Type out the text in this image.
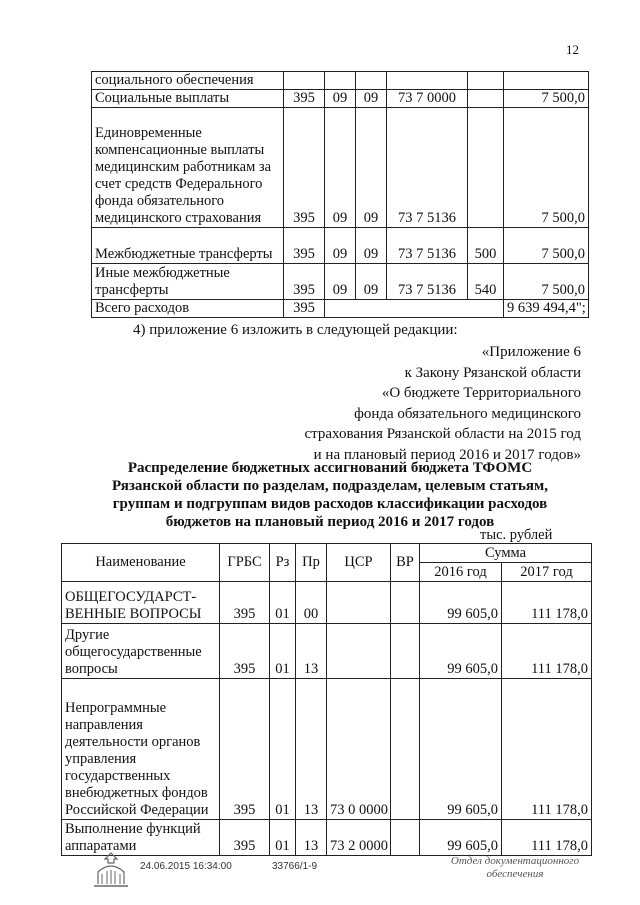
12
социального обеспечения						
Социальные выплаты	395	09	09	73 7 0000		7 500,0
Единовременные компенсационные выплаты медицинским работникам за счет средств Федерального фонда обязательного медицинского страхования	395	09	09	73 7 5136		7 500,0
Межбюджетные трансферты	395	09	09	73 7 5136	500	7 500,0
Иные межбюджетные трансферты	395	09	09	73 7 5136	540	7 500,0
Всего расходов	395					9 639 494,4";
4) приложение 6 изложить в следующей редакции:
«Приложение 6
к Закону Рязанской области
«О бюджете Территориального
фонда обязательного медицинского
страхования Рязанской области на 2015 год
и на плановый период 2016 и 2017 годов»
Распределение бюджетных ассигнований бюджета ТФОМС
Рязанской области по разделам, подразделам, целевым статьям,
группам и подгруппам видов расходов классификации расходов
бюджетов на плановый период 2016 и 2017 годов
тыс. рублей
Наименование	ГРБС	Рз	Пр	ЦСР	ВР	Сумма	
						2016 год	2017 год
ОБЩЕГОСУДАРСТ-ВЕННЫЕ ВОПРОСЫ	395	01	00			99 605,0	111 178,0
Другие общегосударственные вопросы	395	01	13			99 605,0	111 178,0
Непрограммные направления деятельности органов управления государственных внебюджетных фондов Российской Федерации	395	01	13	73 0 0000		99 605,0	111 178,0
Выполнение функций аппаратами	395	01	13	73 2 0000		99 605,0	111 178,0
24.06.2015 16:34:00	33766/1-9	Отдел документационного обеспечения
